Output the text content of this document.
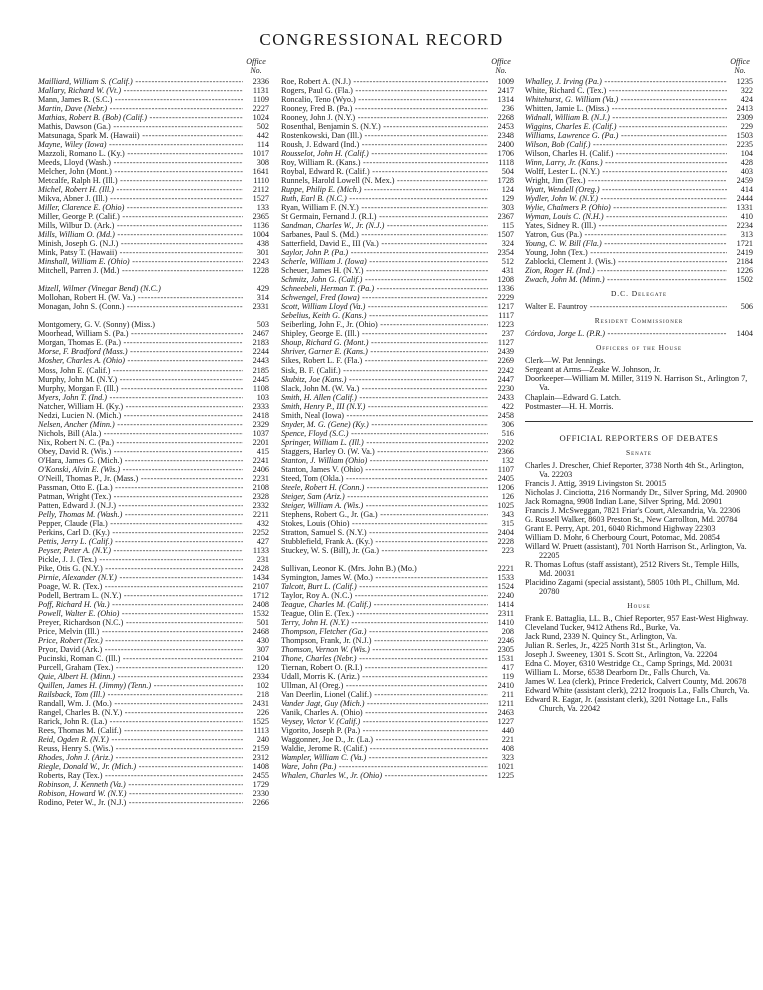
CONGRESSIONAL RECORD
Office No.
Mailliard, William S. (Calif.) -----	2336
Mallary, Richard W. (Vt.) -----	1131
Mann, James R. (S.C.) -----	1109
Martin, Dave (Nebr.) -----	2227
Mathias, Robert B. (Bob) (Calif.) -----	1024
Mathis, Dawson (Ga.) -----	502
Matsunaga, Spark M. (Hawaii) -----	442
Mayne, Wiley (Iowa) -----	114
Mazzoli, Romano L. (Ky.) -----	1017
Meeds, Lloyd (Wash.) -----	308
Melcher, John (Mont.) -----	1641
Metcalfe, Ralph H. (Ill.) -----	1110
Michel, Robert H. (Ill.) -----	2112
Mikva, Abner J. (Ill.) -----	1527
Miller, Clarence E. (Ohio) -----	133
Miller, George P. (Calif.) -----	2365
Mills, Wilbur D. (Ark.) -----	1136
Mills, William O. (Md.) -----	1004
Minish, Joseph G. (N.J.) -----	438
Mink, Patsy T. (Hawaii) -----	301
Minshall, William E. (Ohio) -----	2243
Mitchell, Parren J. (Md.) -----	1228
Mizell, Wilmer (Vinegar Bend) (N.C.)	429
Mollohan, Robert H. (W. Va.) -----	314
Monagan, John S. (Conn.) -----	2331
Montgomery, G. V. (Sonny) (Miss.)	503
Moorhead, William S. (Pa.) -----	2467
Morgan, Thomas E. (Pa.) -----	2183
Morse, F. Bradford (Mass.) -----	2244
Mosher, Charles A. (Ohio) -----	2443
Moss, John E. (Calif.) -----	2185
Murphy, John M. (N.Y.) -----	2445
Murphy, Morgan F. (Ill.) -----	1108
Myers, John T. (Ind.) -----	103
Natcher, William H. (Ky.) -----	2333
Nedzi, Lucien N. (Mich.) -----	2418
Nelsen, Ancher (Minn.) -----	2329
Nichols, Bill (Ala.) -----	1037
Nix, Robert N. C. (Pa.) -----	2201
Obey, David R. (Wis.) -----	415
O'Hara, James G. (Mich.) -----	2241
O'Konski, Alvin E. (Wis.) -----	2406
O'Neill, Thomas P., Jr. (Mass.) -----	2231
Passman, Otto E. (La.) -----	2108
Patman, Wright (Tex.) -----	2328
Patten, Edward J. (N.J.) -----	2332
Pelly, Thomas M. (Wash.) -----	2211
Pepper, Claude (Fla.) -----	432
Perkins, Carl D. (Ky.) -----	2252
Pettis, Jerry L. (Calif.) -----	427
Peyser, Peter A. (N.Y.) -----	1133
Pickle, J. J. (Tex.) -----	231
Pike, Otis G. (N.Y.) -----	2428
Pirnie, Alexander (N.Y.) -----	1434
Poage, W. R. (Tex.) -----	2107
Podell, Bertram L. (N.Y.) -----	1712
Poff, Richard H. (Va.) -----	2408
Powell, Walter E. (Ohio) -----	1532
Preyer, Richardson (N.C.) -----	501
Price, Melvin (Ill.) -----	2468
Price, Robert (Tex.) -----	430
Pryor, David (Ark.) -----	307
Pucinski, Roman C. (Ill.) -----	2104
Purcell, Graham (Tex.) -----	120
Quie, Albert H. (Minn.) -----	2334
Quillen, James H. (Jimmy) (Tenn.) -----	102
Railsback, Tom (Ill.) -----	218
Randall, Wm. J. (Mo.) -----	2431
Rangel, Charles B. (N.Y.) -----	226
Rarick, John R. (La.) -----	1525
Rees, Thomas M. (Calif.) -----	1113
Reid, Ogden R. (N.Y.) -----	240
Reuss, Henry S. (Wis.) -----	2159
Rhodes, John J. (Ariz.) -----	2312
Riegle, Donald W., Jr. (Mich.) -----	1408
Roberts, Ray (Tex.) -----	2455
Robinson, J. Kenneth (Va.) -----	1729
Robison, Howard W. (N.Y.) -----	2330
Rodino, Peter W., Jr. (N.J.) -----	2266
Office No.
Roe, Robert A. (N.J.) -----	1009
Rogers, Paul G. (Fla.) -----	2417
Roncalio, Teno (Wyo.) -----	1314
Rooney, Fred B. (Pa.) -----	236
Rooney, John J. (N.Y.) -----	2268
Rosenthal, Benjamin S. (N.Y.) -----	2453
Rostenkowski, Dan (Ill.) -----	2348
Roush, J. Edward (Ind.) -----	2400
Rousselot, John H. (Calif.) -----	1706
Roy, William R. (Kans.) -----	1118
Roybal, Edward R. (Calif.) -----	504
Runnels, Harold Lowell (N. Mex.) -----	1728
Ruppe, Philip E. (Mich.) -----	124
Ruth, Earl B. (N.C.) -----	129
Ryan, William F. (N.Y.) -----	303
St Germain, Fernand J. (R.I.) -----	2367
Sandman, Charles W., Jr. (N.J.) -----	115
Sarbanes, Paul S. (Md.) -----	1507
Satterfield, David E., III (Va.) -----	324
Saylor, John P. (Pa.) -----	2354
Scherle, William J. (Iowa) -----	512
Scheuer, James H. (N.Y.) -----	431
Schmitz, John G. (Calif.) -----	1208
Schneebeli, Herman T. (Pa.) -----	1336
Schwengel, Fred (Iowa) -----	2229
Scott, William Lloyd (Va.) -----	1217
Sebelius, Keith G. (Kans.) -----	1117
Seiberling, John F., Jr. (Ohio) -----	1223
Shipley, George E. (Ill.) -----	237
Shoup, Richard G. (Mont.) -----	1127
Shriver, Garner E. (Kans.) -----	2439
Sikes, Robert L. F. (Fla.) -----	2269
Sisk, B. F. (Calif.) -----	2242
Skubitz, Joe (Kans.) -----	2447
Slack, John M. (W. Va.) -----	2230
Smith, H. Allen (Calif.) -----	2433
Smith, Henry P., III (N.Y.) -----	422
Smith, Neal (Iowa) -----	2458
Snyder, M. G. (Gene) (Ky.) -----	306
Spence, Floyd (S.C.) -----	516
Springer, William L. (Ill.) -----	2202
Staggers, Harley O. (W. Va.) -----	2366
Stanton, J. William (Ohio) -----	132
Stanton, James V. (Ohio) -----	1107
Steed, Tom (Okla.) -----	2405
Steele, Robert H. (Conn.) -----	1206
Steiger, Sam (Ariz.) -----	126
Steiger, William A. (Wis.) -----	1025
Stephens, Robert G., Jr. (Ga.) -----	343
Stokes, Louis (Ohio) -----	315
Stratton, Samuel S. (N.Y.) -----	2404
Stubblefield, Frank A. (Ky.) -----	2228
Stuckey, W. S. (Bill), Jr. (Ga.) -----	223
Sullivan, Leonor K. (Mrs. John B.) (Mo.)	2221
Symington, James W. (Mo.) -----	1533
Talcott, Burt L. (Calif.) -----	1524
Taylor, Roy A. (N.C.) -----	2240
Teague, Charles M. (Calif.) -----	1414
Teague, Olin E. (Tex.) -----	2311
Terry, John H. (N.Y.) -----	1410
Thompson, Fletcher (Ga.) -----	208
Thompson, Frank, Jr. (N.J.) -----	2246
Thomson, Vernon W. (Wis.) -----	2305
Thone, Charles (Nebr.) -----	1531
Tiernan, Robert O. (R.I.) -----	417
Udall, Morris K. (Ariz.) -----	119
Ullman, Al (Oreg.) -----	2410
Van Deerlin, Lionel (Calif.) -----	211
Vander Jagt, Guy (Mich.) -----	1211
Vanik, Charles A. (Ohio) -----	2463
Veysey, Victor V. (Calif.) -----	1227
Vigorito, Joseph P. (Pa.) -----	440
Waggonner, Joe D., Jr. (La.) -----	221
Waldie, Jerome R. (Calif.) -----	408
Wampler, William C. (Va.) -----	323
Ware, John (Pa.) -----	1021
Whalen, Charles W., Jr. (Ohio) -----	1225
Office No.
Whalley, J. Irving (Pa.) -----	1235
White, Richard C. (Tex.) -----	322
Whitehurst, G. William (Va.) -----	424
Whitten, Jamie L. (Miss.) -----	2413
Widnall, William B. (N.J.) -----	2309
Wiggins, Charles E. (Calif.) -----	229
Williams, Lawrence G. (Pa.) -----	1503
Wilson, Bob (Calif.) -----	2235
Wilson, Charles H. (Calif.) -----	104
Winn, Larry, Jr. (Kans.) -----	428
Wolff, Lester L. (N.Y.) -----	403
Wright, Jim (Tex.) -----	2459
Wyatt, Wendell (Oreg.) -----	414
Wydler, John W. (N.Y.) -----	2444
Wylie, Chalmers P. (Ohio) -----	1331
Wyman, Louis C. (N.H.) -----	410
Yates, Sidney R. (Ill.) -----	2234
Yatron, Gus (Pa.) -----	313
Young, C. W. Bill (Fla.) -----	1721
Young, John (Tex.) -----	2419
Zablocki, Clement J. (Wis.) -----	2184
Zion, Roger H. (Ind.) -----	1226
Zwach, John M. (Minn.) -----	1502
D.C. Delegate
Walter E. Fauntroy -----	506
Resident Commissioner
Córdova, Jorge L. (P.R.) -----	1404
Officers of the House
Clerk—W. Pat Jennings.
Sergeant at Arms—Zeake W. Johnson, Jr.
Doorkeeper—William M. Miller, 3119 N. Harrison St., Arlington 7, Va.
Chaplain—Edward G. Latch.
Postmaster—H. H. Morris.
OFFICIAL REPORTERS OF DEBATES
Senate
Charles J. Drescher, Chief Reporter, 3738 North 4th St., Arlington, Va. 22203
Francis J. Attig, 3919 Livingston St. 20015
Nicholas J. Cinciotta, 216 Normandy Dr., Silver Spring, Md. 20900
Jack Romagna, 9908 Indian Lane, Silver Spring, Md. 20901
Francis J. McSweggan, 7821 Friar's Court, Alexandria, Va. 22306
G. Russell Walker, 8603 Preston St., New Carrollton, Md. 20784
Grant E. Perry, Apt. 201, 6040 Richmond Highway 22303
William D. Mohr, 6 Cherbourg Court, Potomac, Md. 20854
Willard W. Pruett (assistant), 701 North Harrison St., Arlington, Va. 22205
R. Thomas Loftus (staff assistant), 2512 Rivers St., Temple Hills, Md. 20031
Placidino Zagami (special assistant), 5805 10th Pl., Chillum, Md. 20780
House
Frank E. Battaglia, LL. B., Chief Reporter, 957 East-West Highway.
Cleveland Tucker, 9412 Athens Rd., Burke, Va.
Jack Rund, 2339 N. Quincy St., Arlington, Va.
Julian R. Serles, Jr., 4225 North 31st St., Arlington, Va.
Joseph J. Sweeney, 1301 S. Scott St., Arlington, Va. 22204
Edna C. Moyer, 6310 Westridge Ct., Camp Springs, Md. 20031
William L. Morse, 6538 Dearborn Dr., Falls Church, Va.
James W. Lea (clerk), Prince Frederick, Calvert County, Md. 20678
Edward White (assistant clerk), 2212 Iroquois La., Falls Church, Va.
Edward R. Eagar, Jr. (assistant clerk), 3201 Nottage Ln., Falls Church, Va. 22042
